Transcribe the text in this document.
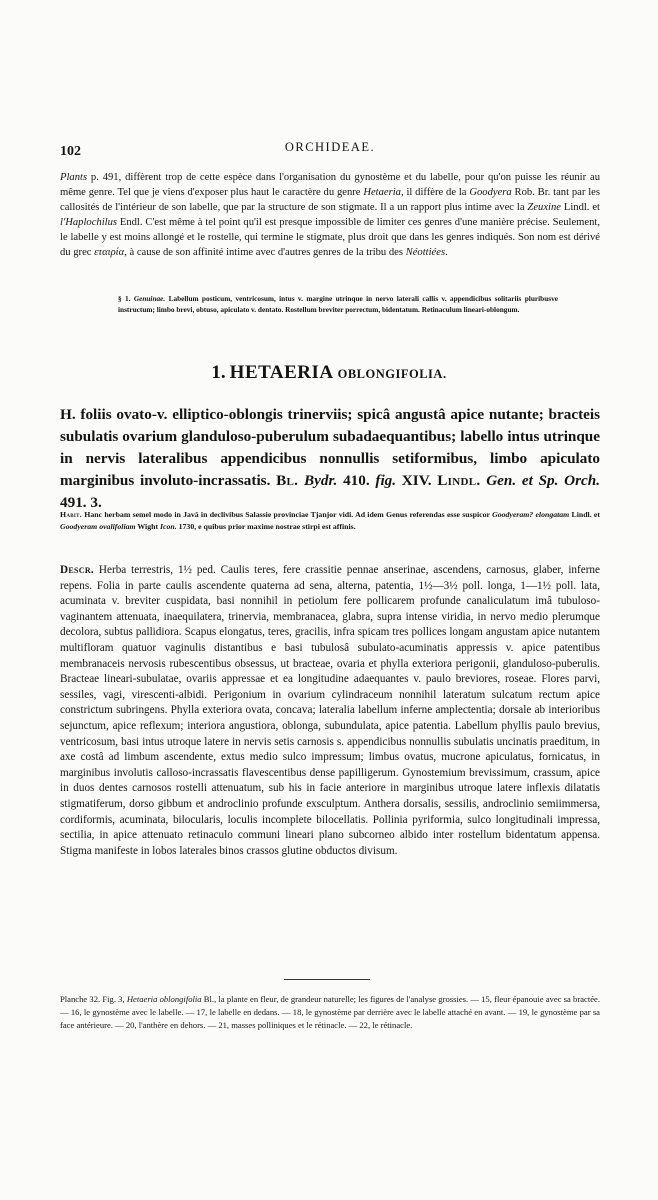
102	ORCHIDEAE.

Plants p. 491, diffèrent trop de cette espèce dans l'organisation du gynostème et du labelle, pour qu'on puisse les réunir au même genre. Tel que je viens d'exposer plus haut le caractère du genre Hetaeria, il diffère de la Goodyera Rob. Br. tant par les callosités de l'intérieur de son labelle, que par la structure de son stigmate. Il a un rapport plus intime avec la Zeuxine Lindl. et l'Haplochilus Endl. C'est même à tel point qu'il est presque impossible de limiter ces genres d'une manière précise. Seulement, le labelle y est moins allongé et le rostelle, qui termine le stigmate, plus droit que dans les genres indiqués. Son nom est dérivé du grec εταιρία, à cause de son affinité intime avec d'autres genres de la tribu des Néottiées.

§ 1. Genuinae. Labellum posticum, ventricosum, intus v. margine utrinque in nervo laterali callis v. appendicibus solitariis pluribusve instructum; limbo brevi, obtuso, apiculato v. dentato. Rostellum breviter porrectum, bidentatum. Retinaculum lineari-oblongum.

1. HETAERIA OBLONGIFOLIA.

H. foliis ovato-v. elliptico-oblongis trinerviis; spicâ angustâ apice nutante; bracteis subulatis ovarium glanduloso-puberulum subadaequantibus; labello intus utrinque in nervis lateralibus appendicibus nonnullis setiformibus, limbo apiculato marginibus involuto-incrassatis. Bl. Bydr. 410. fig. XIV. Lindl. Gen. et Sp. Orch. 491. 3.

Habit. Hanc herbam semel modo in Javâ in declivibus Salassie provinciae Tjanjor vidi. Ad idem Genus referendas esse suspicor Goodyeram? elongatam Lindl. et Goodyeram ovalifoliam Wight Icon. 1730, e quibus prior maxime nostrae stirpi est affinis.

Descr. Herba terrestris, 1½ ped. Caulis teres, fere crassitie pennae anserinae, ascendens, carnosus, glaber, inferne repens. Folia in parte caulis ascendente quaterna ad sena, alterna, patentia, 1½—3½ poll. longa, 1—1½ poll. lata, acuminata v. breviter cuspidata, basi nonnihil in petiolum fere pollicarem profunde canaliculatum imâ tubuloso-vaginantem attenuata, inaequilatera, trinervia, membranacea, glabra, supra intense viridia, in nervo medio plerumque decolora, subtus pallidiora. Scapus elongatus, teres, gracilis, infra spicam tres pollices longam angustam apice nutantem multifloram quatuor vaginulis distantibus e basi tubulosâ subulato-acuminatis appressis v. apice patentibus membranaceis nervosis rubescentibus obsessus, ut bracteae, ovaria et phylla exteriora perigonii, glanduloso-puberulis. Bracteae lineari-subulatae, ovariis appressae et ea longitudine adaequantes v. paulo breviores, roseae. Flores parvi, sessiles, vagi, virescenti-albidi. Perigonium in ovarium cylindraceum nonnihil lateratum sulcatum rectum apice constrictum subringens. Phylla exteriora ovata, concava; lateralia labellum inferne amplectentia; dorsale ab interioribus sejunctum, apice reflexum; interiora angustiora, oblonga, subundulata, apice patentia. Labellum phyllis paulo brevius, ventricosum, basi intus utroque latere in nervis setis carnosis s. appendicibus nonnullis subulatis uncinatis praeditum, in axe costâ ad limbum ascendente, extus medio sulco impressum; limbus ovatus, mucrone apiculatus, fornicatus, in marginibus involutis calloso-incrassatis flavescentibus dense papilligerum. Gynostemium brevissimum, crassum, apice in duos dentes carnosos rostelli attenuatum, sub his in facie anteriore in marginibus utroque latere inflexis dilatatis stigmatiferum, dorso gibbum et androclinio profunde exsculptum. Anthera dorsalis, sessilis, androclinio semiimmersa, cordiformis, acuminata, bilocularis, loculis incomplete bilocellatis. Pollinia pyriformia, sulco longitudinali impressa, sectilia, in apice attenuato retinaculo communi lineari plano subcorneo albido inter rostellum bidentatum appensa. Stigma manifeste in lobos laterales binos crassos glutine obductos divisum.

Planche 32. Fig. 3, Hetaeria oblongifolia Bl., la plante en fleur, de grandeur naturelle; les figures de l'analyse grossies. — 15, fleur épanouie avec sa bractée. — 16, le gynostème avec le labelle. — 17, le labelle en dedans. — 18, le gynostème par derrière avec le labelle attaché en avant. — 19, le gynostème par sa face antérieure. — 20, l'anthère en dehors. — 21, masses polliniques et le rétinacle. — 22, le rétinacle.
